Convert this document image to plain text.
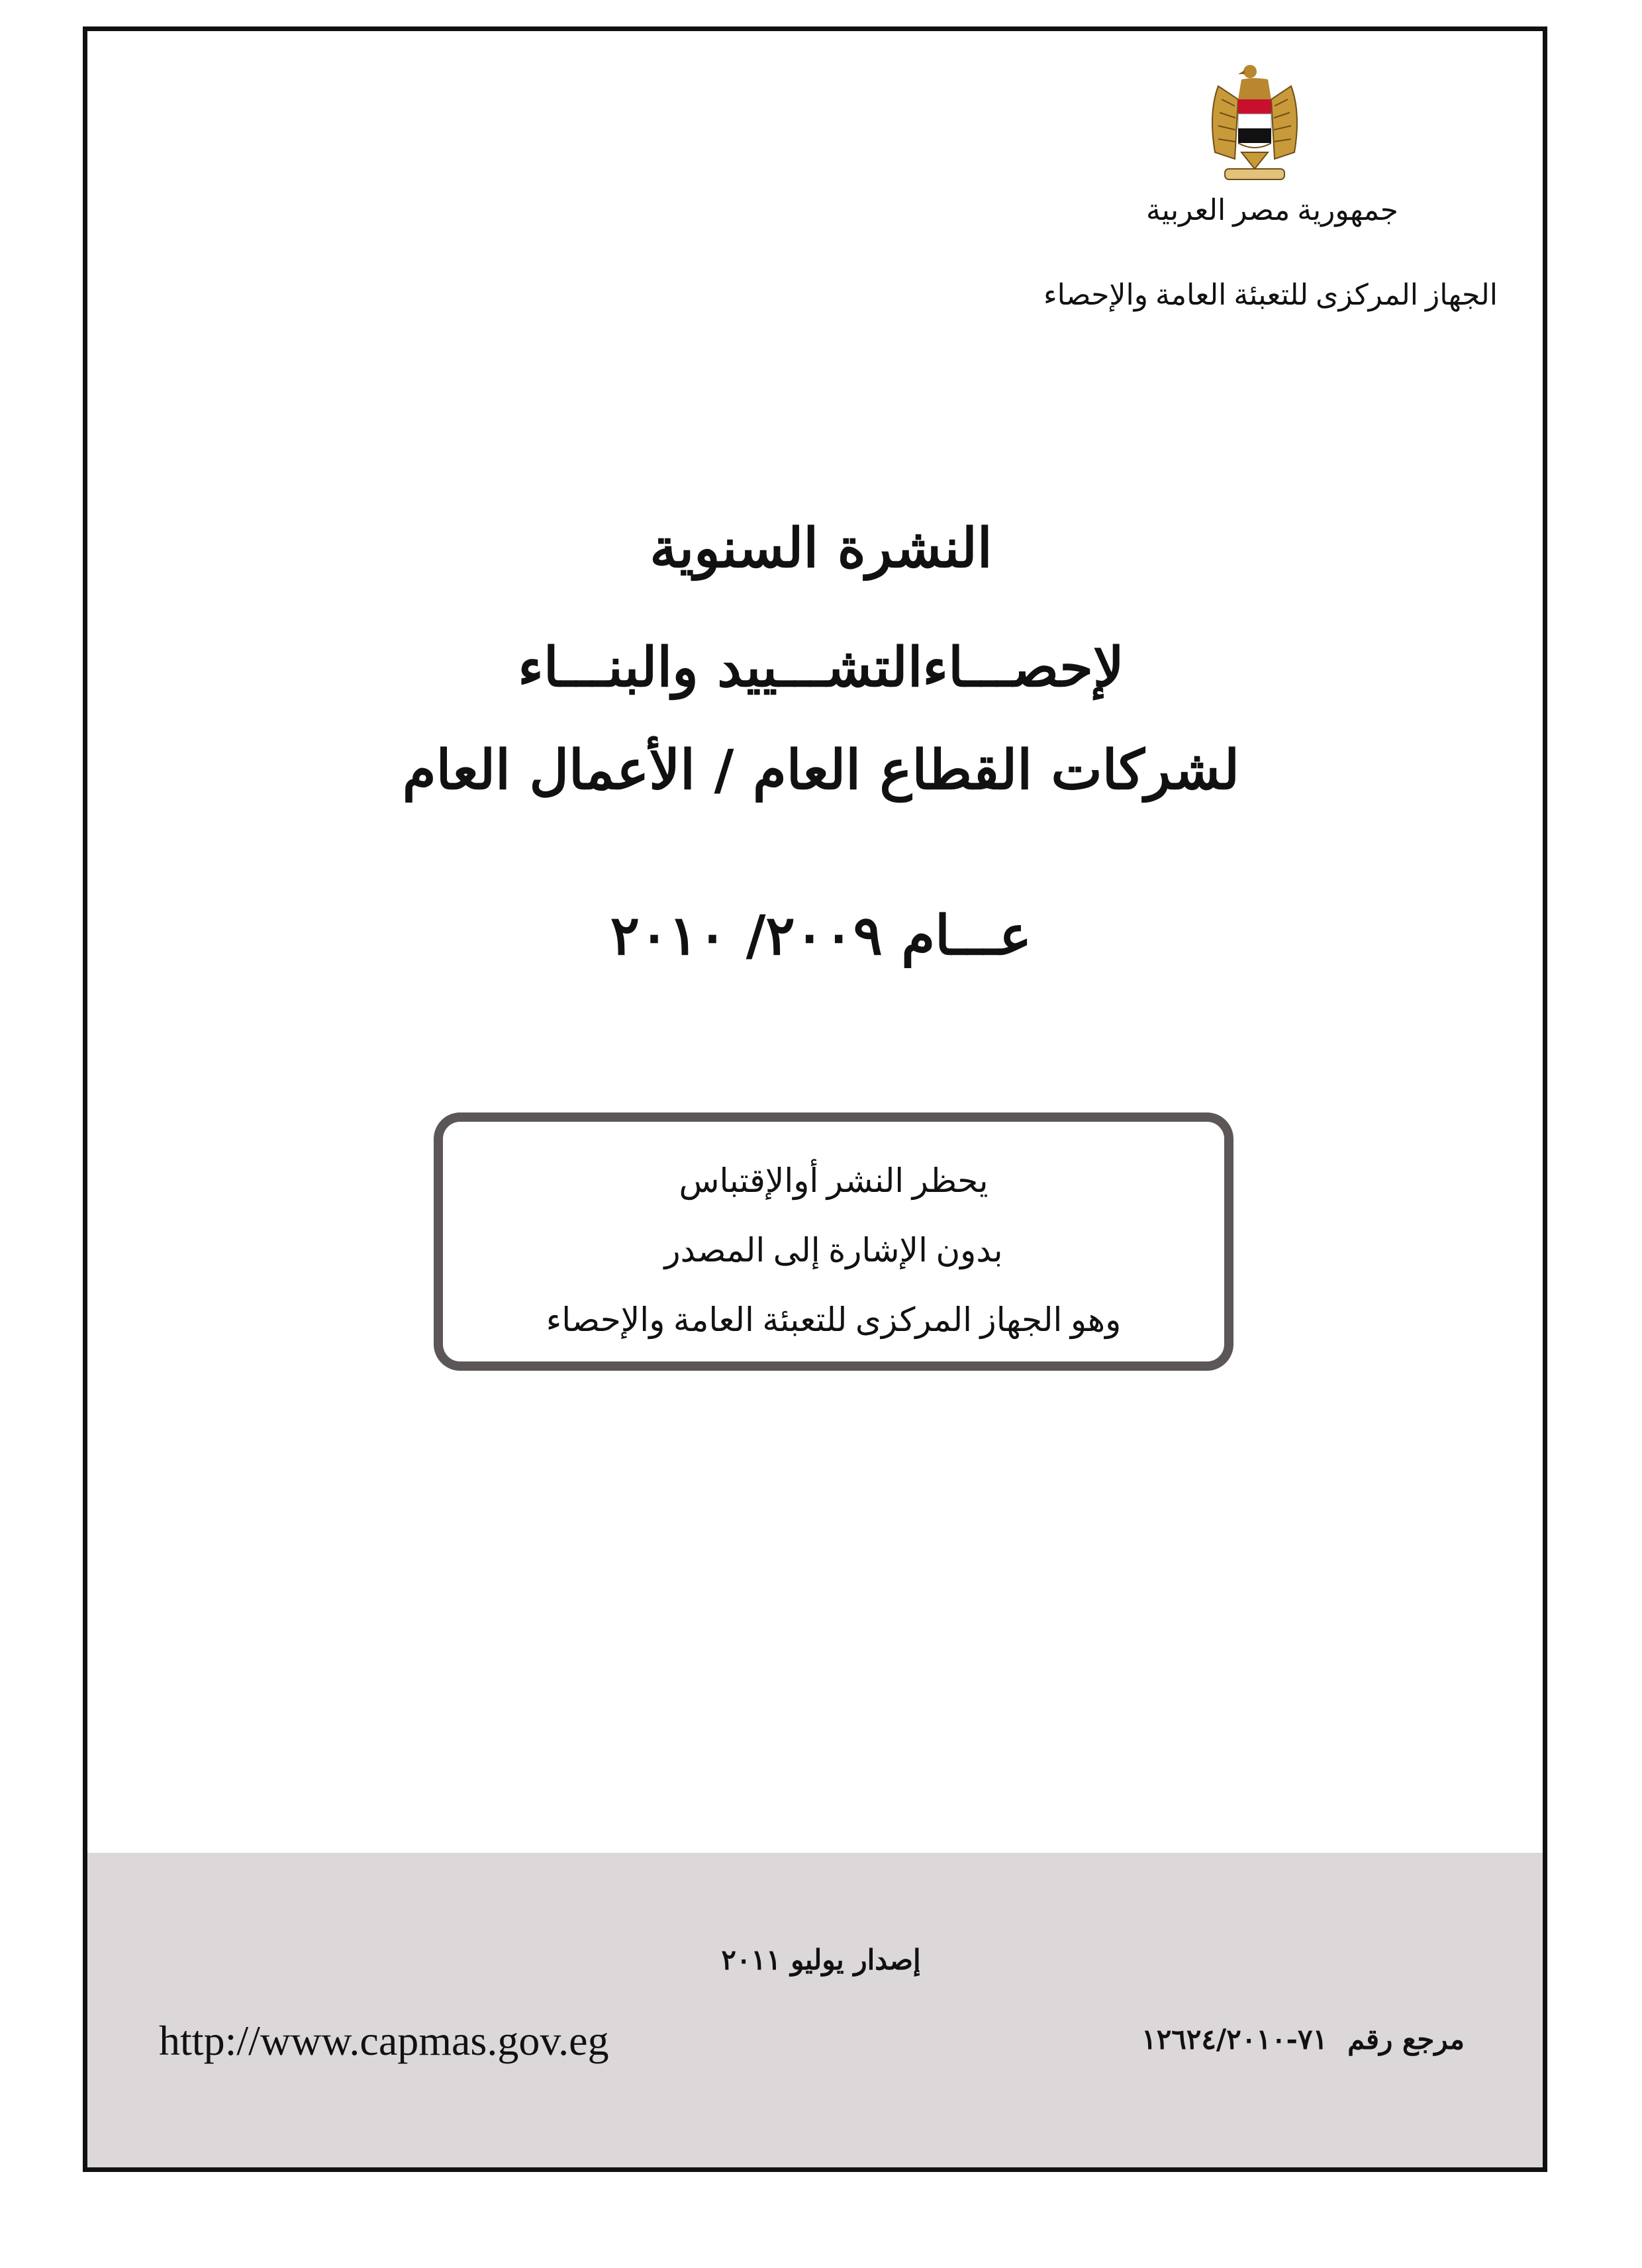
جمهورية مصر العربية
الجهاز المركزى للتعبئة العامة والإحصاء
النشرة السنوية
لإحصـــاءالتشـــييد والبنـــاء
لشركات القطاع العام / الأعمال العام
عـــام ٢٠٠٩/ ٢٠١٠
يحظر النشر أوالإقتباس
بدون الإشارة إلى المصدر
وهو الجهاز المركزى للتعبئة العامة والإحصاء
إصدار يوليو ٢٠١١
http://www.capmas.gov.eg	مرجع رقم٧١-١٢٦٢٤/٢٠١٠
